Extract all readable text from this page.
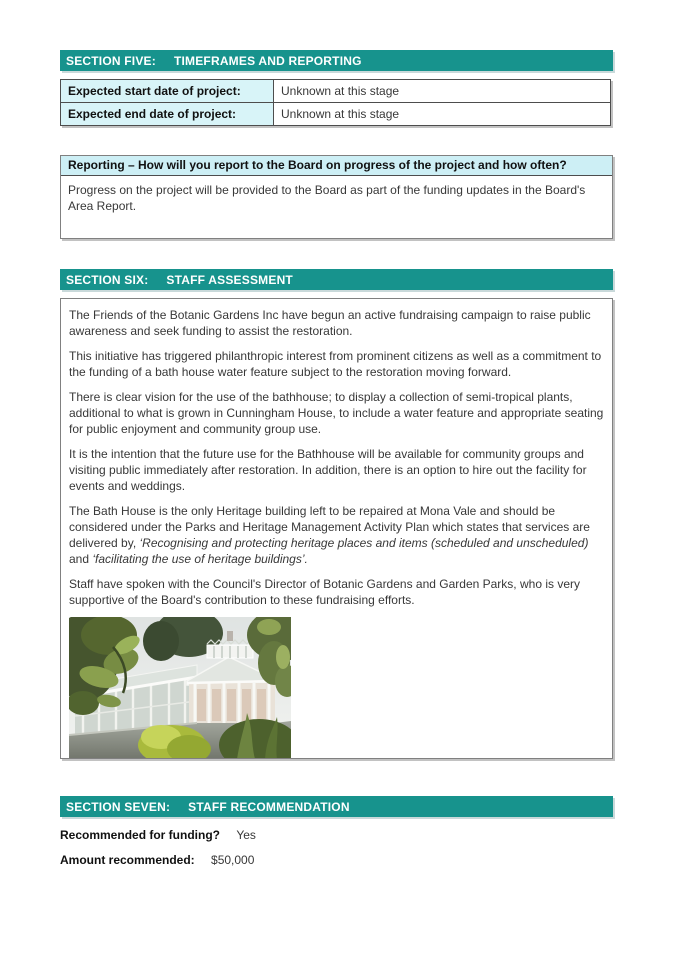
SECTION FIVE: TIMEFRAMES AND REPORTING
Expected start date of project:	Unknown at this stage
Expected end date of project:	Unknown at this stage
Reporting – How will you report to the Board on progress of the project and how often?
Progress on the project will be provided to the Board as part of the funding updates in the Board's Area Report.
SECTION SIX: STAFF ASSESSMENT

The Friends of the Botanic Gardens Inc have begun an active fundraising campaign to raise public awareness and seek funding to assist the restoration.

This initiative has triggered philanthropic interest from prominent citizens as well as a commitment to the funding of a bath house water feature subject to the restoration moving forward.

There is clear vision for the use of the bathhouse; to display a collection of semi-tropical plants, additional to what is grown in Cunningham House, to include a water feature and appropriate seating for public enjoyment and community group use.

It is the intention that the future use for the Bathhouse will be available for community groups and visiting public immediately after restoration. In addition, there is an option to hire out the facility for events and weddings.

The Bath House is the only Heritage building left to be repaired at Mona Vale and should be considered under the Parks and Heritage Management Activity Plan which states that services are delivered by, ‘Recognising and protecting heritage places and items (scheduled and unscheduled) and ‘facilitating the use of heritage buildings’.

Staff have spoken with the Council's Director of Botanic Gardens and Garden Parks, who is very supportive of the Board's contribution to these fundraising efforts.

SECTION SEVEN: STAFF RECOMMENDATION
Recommended for funding? Yes
Amount recommended: $50,000
